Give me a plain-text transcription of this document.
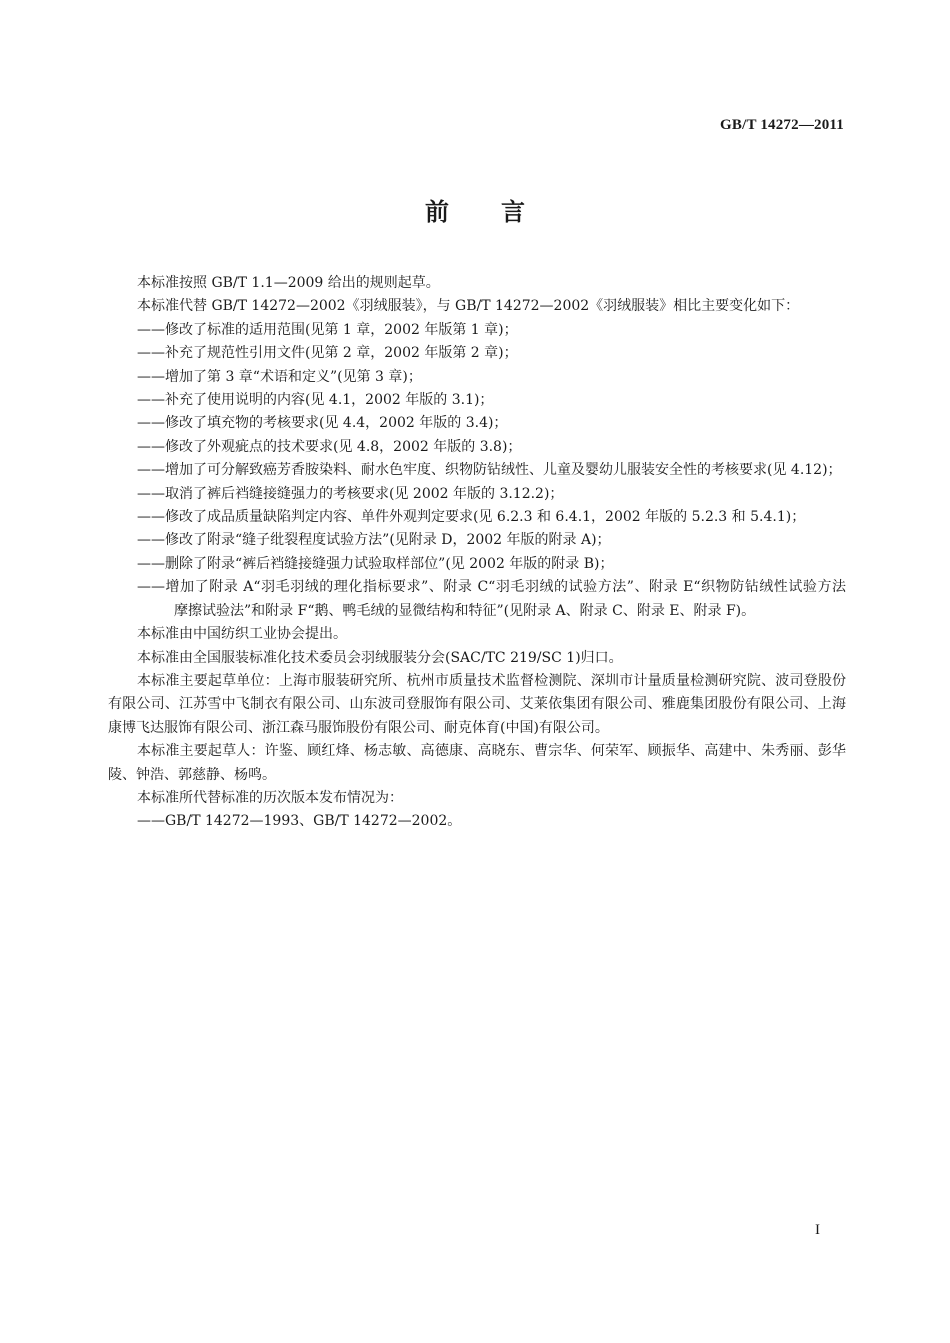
GB/T 14272—2011
前言

本标准按照 GB/T 1.1—2009 给出的规则起草。

本标准代替 GB/T 14272—2002《羽绒服装》，与 GB/T 14272—2002《羽绒服装》相比主要变化如下：

——修改了标准的适用范围(见第 1 章，2002 年版第 1 章)；

——补充了规范性引用文件(见第 2 章，2002 年版第 2 章)；

——增加了第 3 章“术语和定义”(见第 3 章)；

——补充了使用说明的内容(见 4.1，2002 年版的 3.1)；

——修改了填充物的考核要求(见 4.4，2002 年版的 3.4)；

——修改了外观疵点的技术要求(见 4.8，2002 年版的 3.8)；

——增加了可分解致癌芳香胺染料、耐水色牢度、织物防钻绒性、儿童及婴幼儿服装安全性的考核要求(见 4.12)；

——取消了裤后裆缝接缝强力的考核要求(见 2002 年版的 3.12.2)；

——修改了成品质量缺陷判定内容、单件外观判定要求(见 6.2.3 和 6.4.1，2002 年版的 5.2.3 和 5.4.1)；

——修改了附录“缝子纰裂程度试验方法”(见附录 D，2002 年版的附录 A)；

——删除了附录“裤后裆缝接缝强力试验取样部位”(见 2002 年版的附录 B)；

——增加了附录 A“羽毛羽绒的理化指标要求”、附录 C“羽毛羽绒的试验方法”、附录 E“织物防钻绒性试验方法　摩擦试验法”和附录 F“鹅、鸭毛绒的显微结构和特征”(见附录 A、附录 C、附录 E、附录 F)。

本标准由中国纺织工业协会提出。

本标准由全国服装标准化技术委员会羽绒服装分会(SAC/TC 219/SC 1)归口。

本标准主要起草单位：上海市服装研究所、杭州市质量技术监督检测院、深圳市计量质量检测研究院、波司登股份有限公司、江苏雪中飞制衣有限公司、山东波司登服饰有限公司、艾莱依集团有限公司、雅鹿集团股份有限公司、上海康博飞达服饰有限公司、浙江森马服饰股份有限公司、耐克体育(中国)有限公司。

本标准主要起草人：许鉴、顾红烽、杨志敏、高德康、高晓东、曹宗华、何荣军、顾振华、高建中、朱秀丽、彭华陵、钟浩、郭慈静、杨鸣。

本标准所代替标准的历次版本发布情况为：

——GB/T 14272—1993、GB/T 14272—2002。

I
